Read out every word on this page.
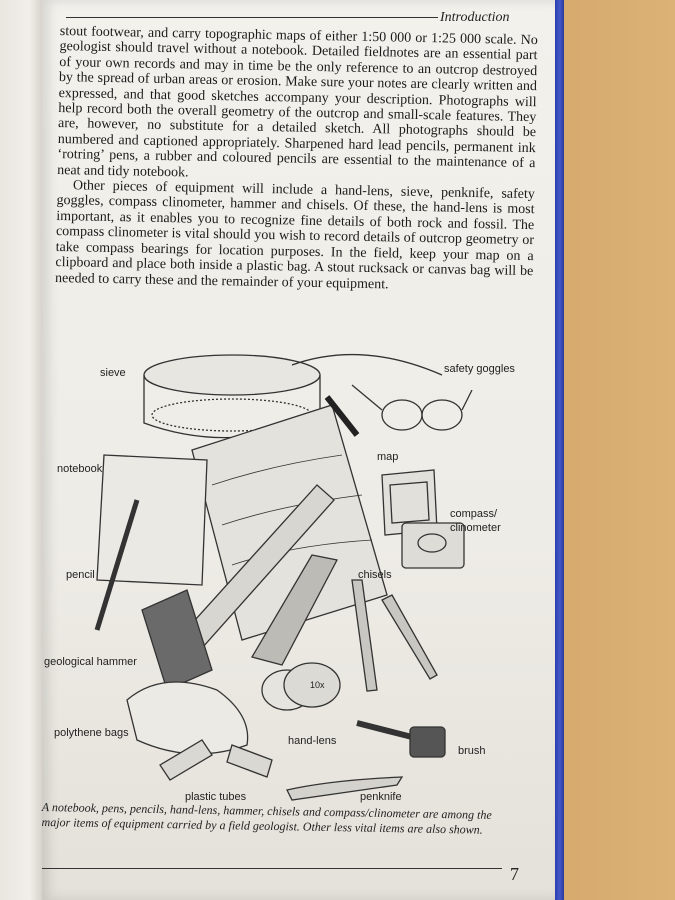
Introduction

stout footwear, and carry topographic maps of either 1:50 000 or 1:25 000 scale. No geologist should travel without a notebook. Detailed fieldnotes are an essential part of your own records and may in time be the only reference to an outcrop destroyed by the spread of urban areas or erosion. Make sure your notes are clearly written and expressed, and that good sketches accompany your description. Photographs will help record both the overall geometry of the outcrop and small-scale features. They are, however, no substitute for a detailed sketch. All photographs should be numbered and captioned appropriately. Sharpened hard lead pencils, permanent ink ‘rotring’ pens, a rubber and coloured pencils are essential to the maintenance of a neat and tidy notebook.

Other pieces of equipment will include a hand-lens, sieve, penknife, safety goggles, compass clinometer, hammer and chisels. Of these, the hand-lens is most important, as it enables you to recognize fine details of both rock and fossil. The compass clinometer is vital should you wish to record details of outcrop geometry or take compass bearings for location purposes. In the field, keep your map on a clipboard and place both inside a plastic bag. A stout rucksack or canvas bag will be needed to carry these and the remainder of your equipment.

10x
sieve	safety goggles
map
notebook
compass/
clinometer
pencil	chisels
geological hammer
polythene bags
hand-lens
brush
plastic tubes	penknife
A notebook, pens, pencils, hand-lens, hammer, chisels and compass/clinometer are among the major items of equipment carried by a field geologist. Other less vital items are also shown.
7
